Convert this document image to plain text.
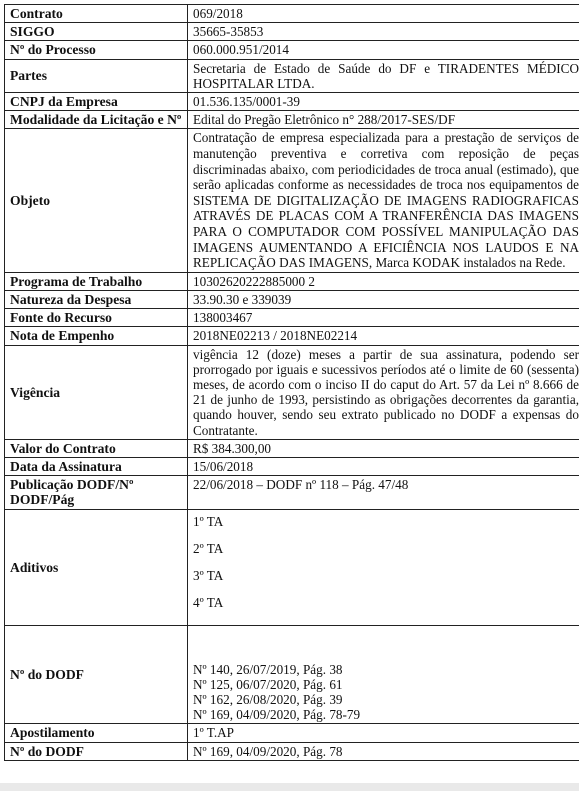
Contrato	069/2018
SIGGO	35665-35853
Nº do Processo	060.000.951/2014
Partes	Secretaria de Estado de Saúde do DF e TIRADENTES MÉDICO HOSPITALAR LTDA.
CNPJ da Empresa	01.536.135/0001-39
Modalidade da Licitação e Nº	Edital do Pregão Eletrônico n° 288/2017-SES/DF
Objeto	Contratação de empresa especializada para a prestação de serviços de manutenção preventiva e corretiva com reposição de peças discriminadas abaixo, com periodicidades de troca anual (estimado), que serão aplicadas conforme as necessidades de troca nos equipamentos de SISTEMA DE DIGITALIZAÇÃO DE IMAGENS RADIOGRAFICAS ATRAVÉS DE PLACAS COM A TRANFERÊNCIA DAS IMAGENS PARA O COMPUTADOR COM POSSÍVEL MANIPULAÇÃO DAS IMAGENS AUMENTANDO A EFICIÊNCIA NOS LAUDOS E NA REPLICAÇÃO DAS IMAGENS, Marca KODAK instalados na Rede.
Programa de Trabalho	10302620222885000 2
Natureza da Despesa	33.90.30 e 339039
Fonte do Recurso	138003467
Nota de Empenho	2018NE02213 / 2018NE02214
Vigência	vigência 12 (doze) meses a partir de sua assinatura, podendo ser prorrogado por iguais e sucessivos períodos até o limite de 60 (sessenta) meses, de acordo com o inciso II do caput do Art. 57 da Lei nº 8.666 de 21 de junho de 1993, persistindo as obrigações decorrentes da garantia, quando houver, sendo seu extrato publicado no DODF a expensas do Contratante.
Valor do Contrato	R$ 384.300,00
Data da Assinatura	15/06/2018
Publicação DODF/Nº DODF/Pág	22/06/2018 – DODF nº 118 – Pág. 47/48
Aditivos	1º TA
2º TA
3º TA
4º TA

Nº do DODF	Nº 140, 26/07/2019, Pág. 38
Nº 125, 06/07/2020, Pág. 61
Nº 162, 26/08/2020, Pág. 39
Nº 169, 04/09/2020, Pág. 78-79

Apostilamento	1º T.AP
Nº do DODF	Nº 169, 04/09/2020, Pág. 78
